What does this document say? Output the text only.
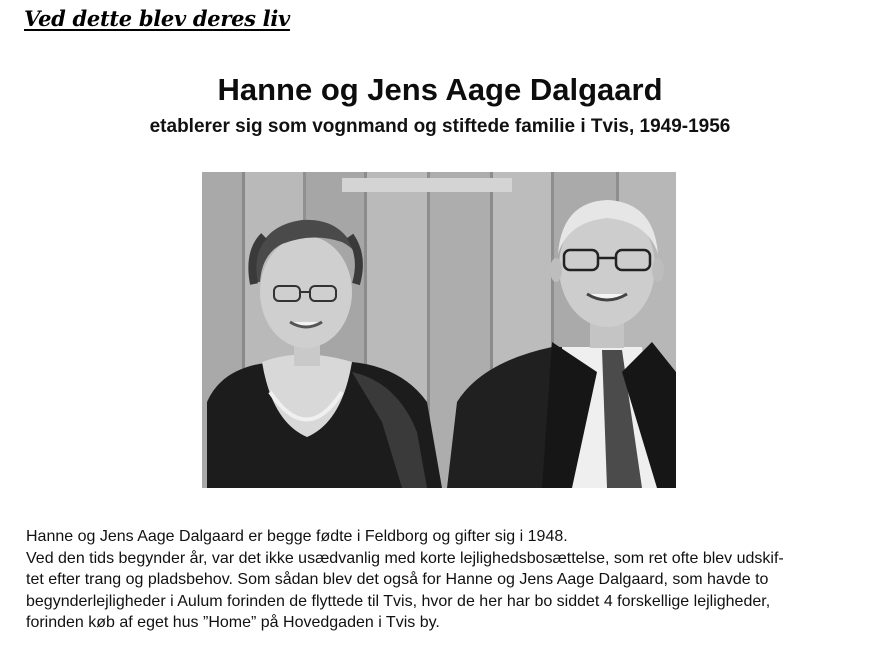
Ved dette blev deres liv
Hanne og Jens Aage Dalgaard
etablerer sig som vognmand og stiftede familie i Tvis, 1949-1956

Hanne og Jens Aage Dalgaard er begge fødte i Feldborg og gifter sig i 1948.

Ved den tids begynder år, var det ikke usædvanlig med korte lejlighedsbosættelse, som ret ofte blev udskif-

tet efter trang og pladsbehov. Som sådan blev det også for Hanne og Jens Aage Dalgaard, som havde to

begynderlejligheder i Aulum forinden de flyttede til Tvis, hvor de her har bo siddet 4 forskellige lejligheder,

forinden køb af eget hus ”Home” på Hovedgaden i Tvis by.
